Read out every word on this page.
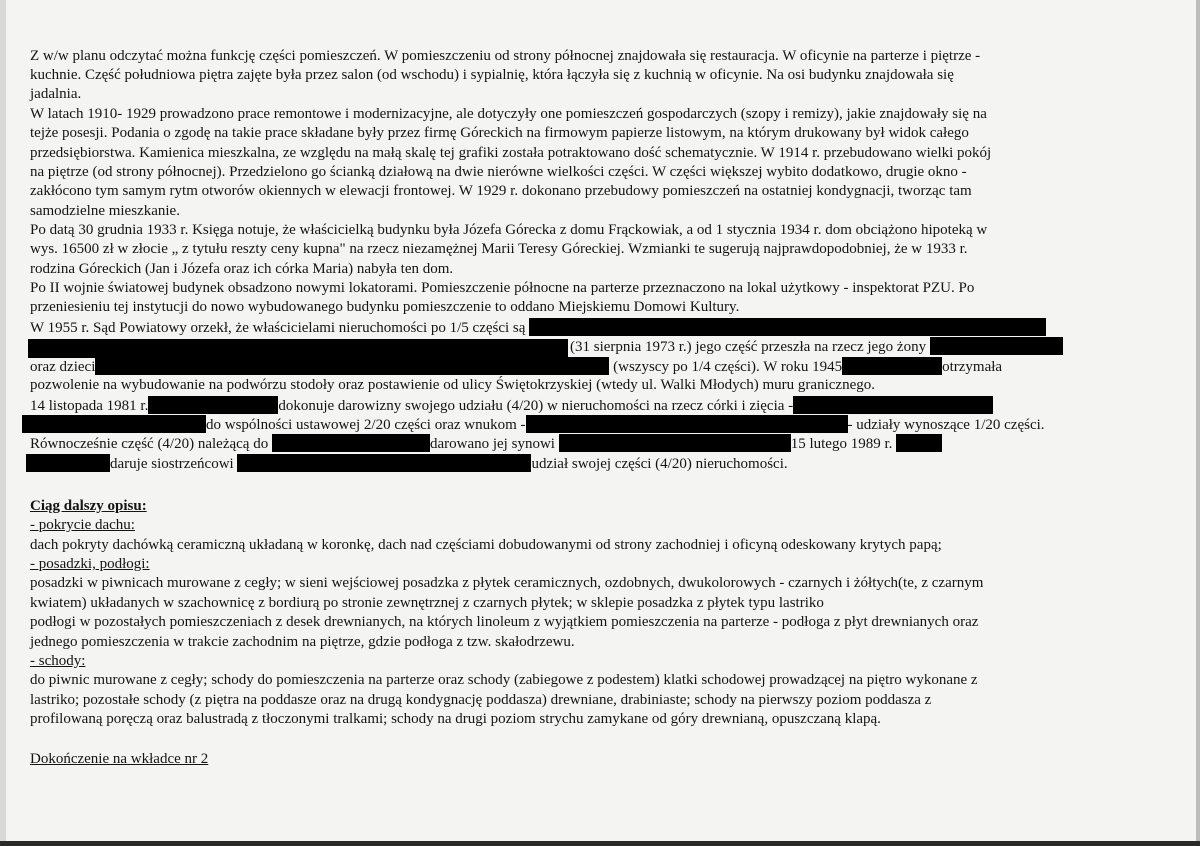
Z w/w planu odczytać można funkcję części pomieszczeń. W pomieszczeniu od strony północnej znajdowała się restauracja. W oficynie na parterze i piętrze -
kuchnie. Część południowa piętra zajęte była przez salon (od wschodu) i sypialnię, która łączyła się z kuchnią w oficynie. Na osi budynku znajdowała się
jadalnia.
W latach 1910- 1929 prowadzono prace remontowe i modernizacyjne, ale dotyczyły one pomieszczeń gospodarczych (szopy i remizy), jakie znajdowały się na
tejże posesji. Podania o zgodę na takie prace składane były przez firmę Góreckich na firmowym papierze listowym, na którym drukowany był widok całego
przedsiębiorstwa. Kamienica mieszkalna, ze względu na małą skalę tej grafiki została potraktowano dość schematycznie. W 1914 r. przebudowano wielki pokój
na piętrze (od strony północnej). Przedzielono go ścianką działową na dwie nierówne wielkości części. W części większej wybito dodatkowo, drugie okno -
zakłócono tym samym rytm otworów okiennych w elewacji frontowej. W 1929 r. dokonano przebudowy pomieszczeń na ostatniej kondygnacji, tworząc tam
samodzielne mieszkanie.
Po datą 30 grudnia 1933 r. Księga notuje, że właścicielką budynku była Józefa Górecka z domu Frąckowiak, a od 1 stycznia 1934 r. dom obciążono hipoteką w
wys. 16500 zł w złocie „ z tytułu reszty ceny kupna" na rzecz niezamężnej Marii Teresy Góreckiej. Wzmianki te sugerują najprawdopodobniej, że w 1933 r.
rodzina Góreckich (Jan i Józefa oraz ich córka Maria) nabyła ten dom.
Po II wojnie światowej budynek obsadzono nowymi lokatorami. Pomieszczenie północne na parterze przeznaczono na lokal użytkowy - inspektorat PZU. Po
przeniesieniu tej instytucji do nowo wybudowanego budynku pomieszczenie to oddano Miejskiemu Domowi Kultury.
W 1955 r. Sąd Powiatowy orzekł, że właścicielami nieruchomości po 1/5 części są
(31 sierpnia 1973 r.) jego część przeszła na rzecz jego żony
oraz dzieci	(wszyscy po 1/4 części). W roku 1945	otrzymała
pozwolenie na wybudowanie na podwórzu stodoły oraz postawienie od ulicy Świętokrzyskiej (wtedy ul. Walki Młodych) muru granicznego.
14 listopada 1981 r.	dokonuje darowizny swojego udziału (4/20) w nieruchomości na rzecz córki i zięcia -
do wspólności ustawowej 2/20 części oraz wnukom -	- udziały wynoszące 1/20 części.
Równocześnie część (4/20) należącą do	darowano jej synowi	15 lutego 1989 r.
daruje siostrzeńcowi	udział swojej części (4/20) nieruchomości.
Ciąg dalszy opisu:
- pokrycie dachu:
dach pokryty dachówką ceramiczną układaną w koronkę, dach nad częściami dobudowanymi od strony zachodniej i oficyną odeskowany krytych papą;
- posadzki, podłogi:
posadzki w piwnicach murowane z cegły; w sieni wejściowej posadzka z płytek ceramicznych, ozdobnych, dwukolorowych - czarnych i żółtych(te, z czarnym
kwiatem) układanych w szachownicę z bordiurą po stronie zewnętrznej z czarnych płytek; w sklepie posadzka z płytek typu lastriko
podłogi w pozostałych pomieszczeniach z desek drewnianych, na których linoleum z wyjątkiem pomieszczenia na parterze - podłoga z płyt drewnianych oraz
jednego pomieszczenia w trakcie zachodnim na piętrze, gdzie podłoga z tzw. skałodrzewu.
- schody:
do piwnic murowane z cegły; schody do pomieszczenia na parterze oraz schody (zabiegowe z podestem) klatki schodowej prowadzącej na piętro wykonane z
lastriko; pozostałe schody (z piętra na poddasze oraz na drugą kondygnację poddasza) drewniane, drabiniaste; schody na pierwszy poziom poddasza z
profilowaną poręczą oraz balustradą z tłoczonymi tralkami; schody na drugi poziom strychu zamykane od góry drewnianą, opuszczaną klapą.
Dokończenie na wkładce nr 2
